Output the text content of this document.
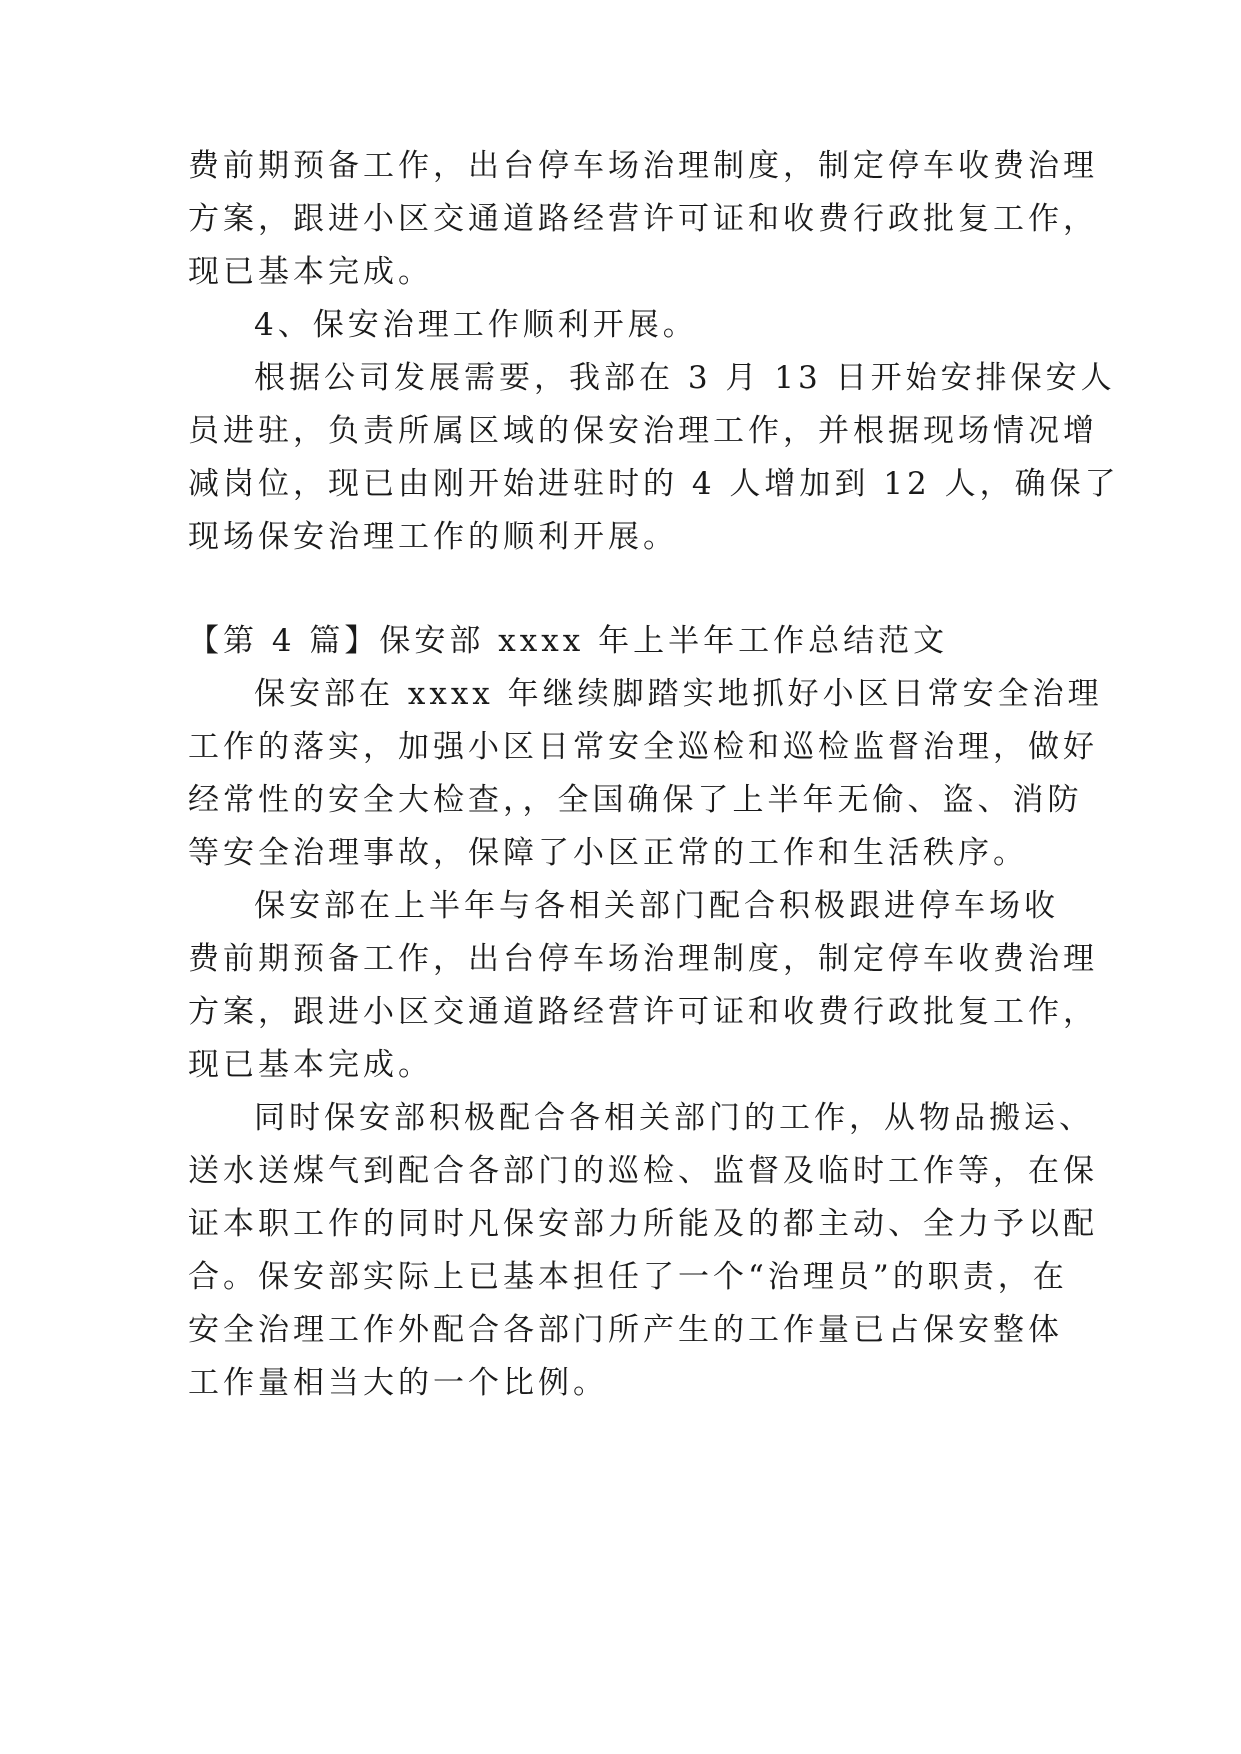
费前期预备工作，出台停车场治理制度，制定停车收费治理
方案，跟进小区交通道路经营许可证和收费行政批复工作，
现已基本完成。
4、保安治理工作顺利开展。
根据公司发展需要，我部在 3 月 13 日开始安排保安人
员进驻，负责所属区域的保安治理工作，并根据现场情况增
减岗位，现已由刚开始进驻时的 4 人增加到 12 人，确保了
现场保安治理工作的顺利开展。
【第 4 篇】保安部 xxxx 年上半年工作总结范文
保安部在 xxxx 年继续脚踏实地抓好小区日常安全治理
工作的落实，加强小区日常安全巡检和巡检监督治理，做好
经常性的安全大检查，，全国确保了上半年无偷、盗、消防
等安全治理事故，保障了小区正常的工作和生活秩序。
保安部在上半年与各相关部门配合积极跟进停车场收
费前期预备工作，出台停车场治理制度，制定停车收费治理
方案，跟进小区交通道路经营许可证和收费行政批复工作，
现已基本完成。
同时保安部积极配合各相关部门的工作，从物品搬运、
送水送煤气到配合各部门的巡检、监督及临时工作等，在保
证本职工作的同时凡保安部力所能及的都主动、全力予以配
合。保安部实际上已基本担任了一个“治理员”的职责，在
安全治理工作外配合各部门所产生的工作量已占保安整体
工作量相当大的一个比例。
